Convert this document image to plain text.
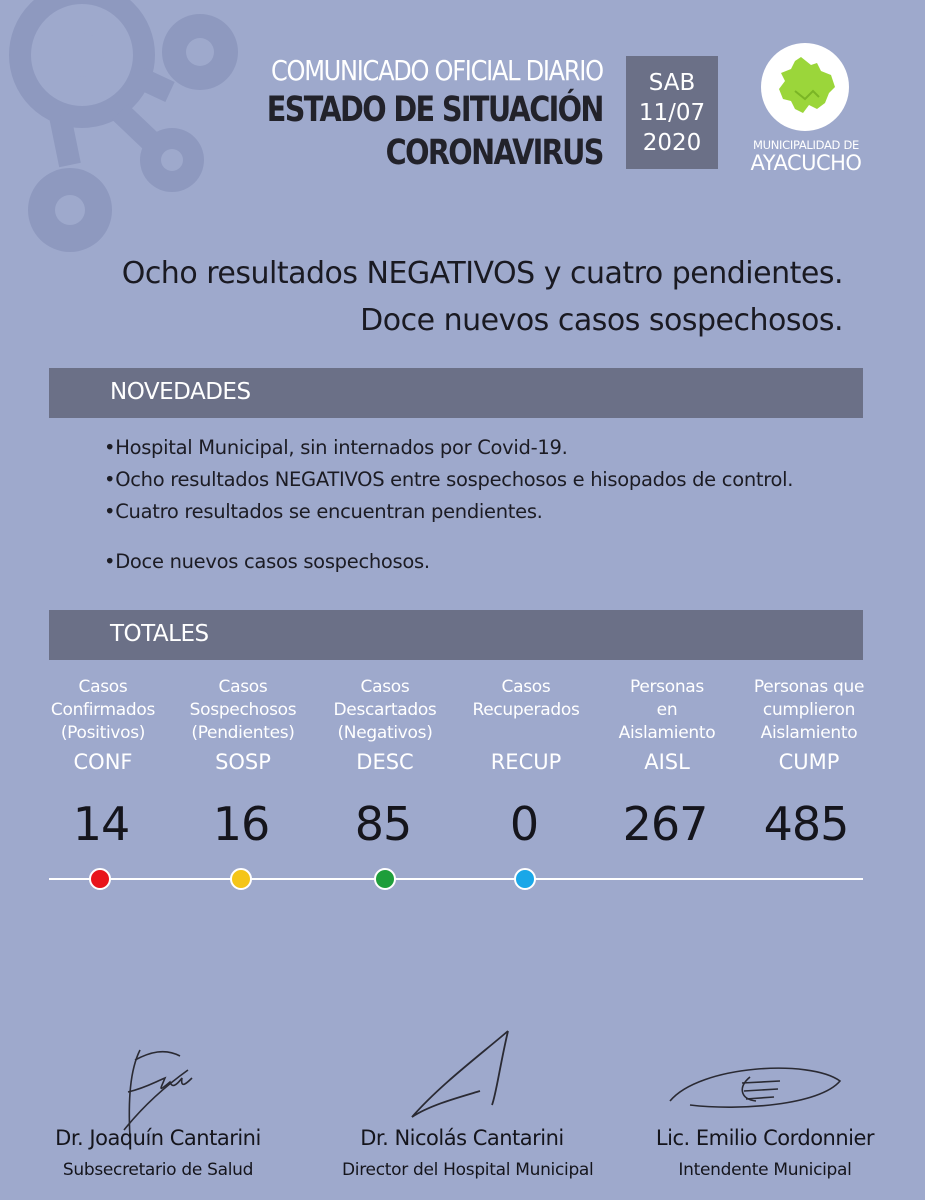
COMUNICADO OFICIAL DIARIO
ESTADO DE SITUACIÓN
CORONAVIRUS
SAB
11/07
2020	MUNICIPALIDAD DE
AYACUCHO
Ocho resultados NEGATIVOS y cuatro pendientes.
Doce nuevos casos sospechosos.
NOVEDADES
• Hospital Municipal, sin internados por Covid-19.
• Ocho resultados NEGATIVOS entre sospechosos e hisopados de control.
• Cuatro resultados se encuentran pendientes.
• Doce nuevos casos sospechosos.
TOTALES
Casos
Confirmados
(Positivos)
CONF
Casos
Sospechosos
(Pendientes)
SOSP
Casos
Descartados
(Negativos)
DESC
Casos
Recuperados
RECUP
Personas
en
Aislamiento
AISL
Personas que
cumplieron
Aislamiento
CUMP
14	16	85	0	267	485
Dr. Joaquín Cantarini
Subsecretario de Salud
Dr. Nicolás Cantarini
Director del Hospital Municipal
Lic. Emilio Cordonnier
Intendente Municipal
